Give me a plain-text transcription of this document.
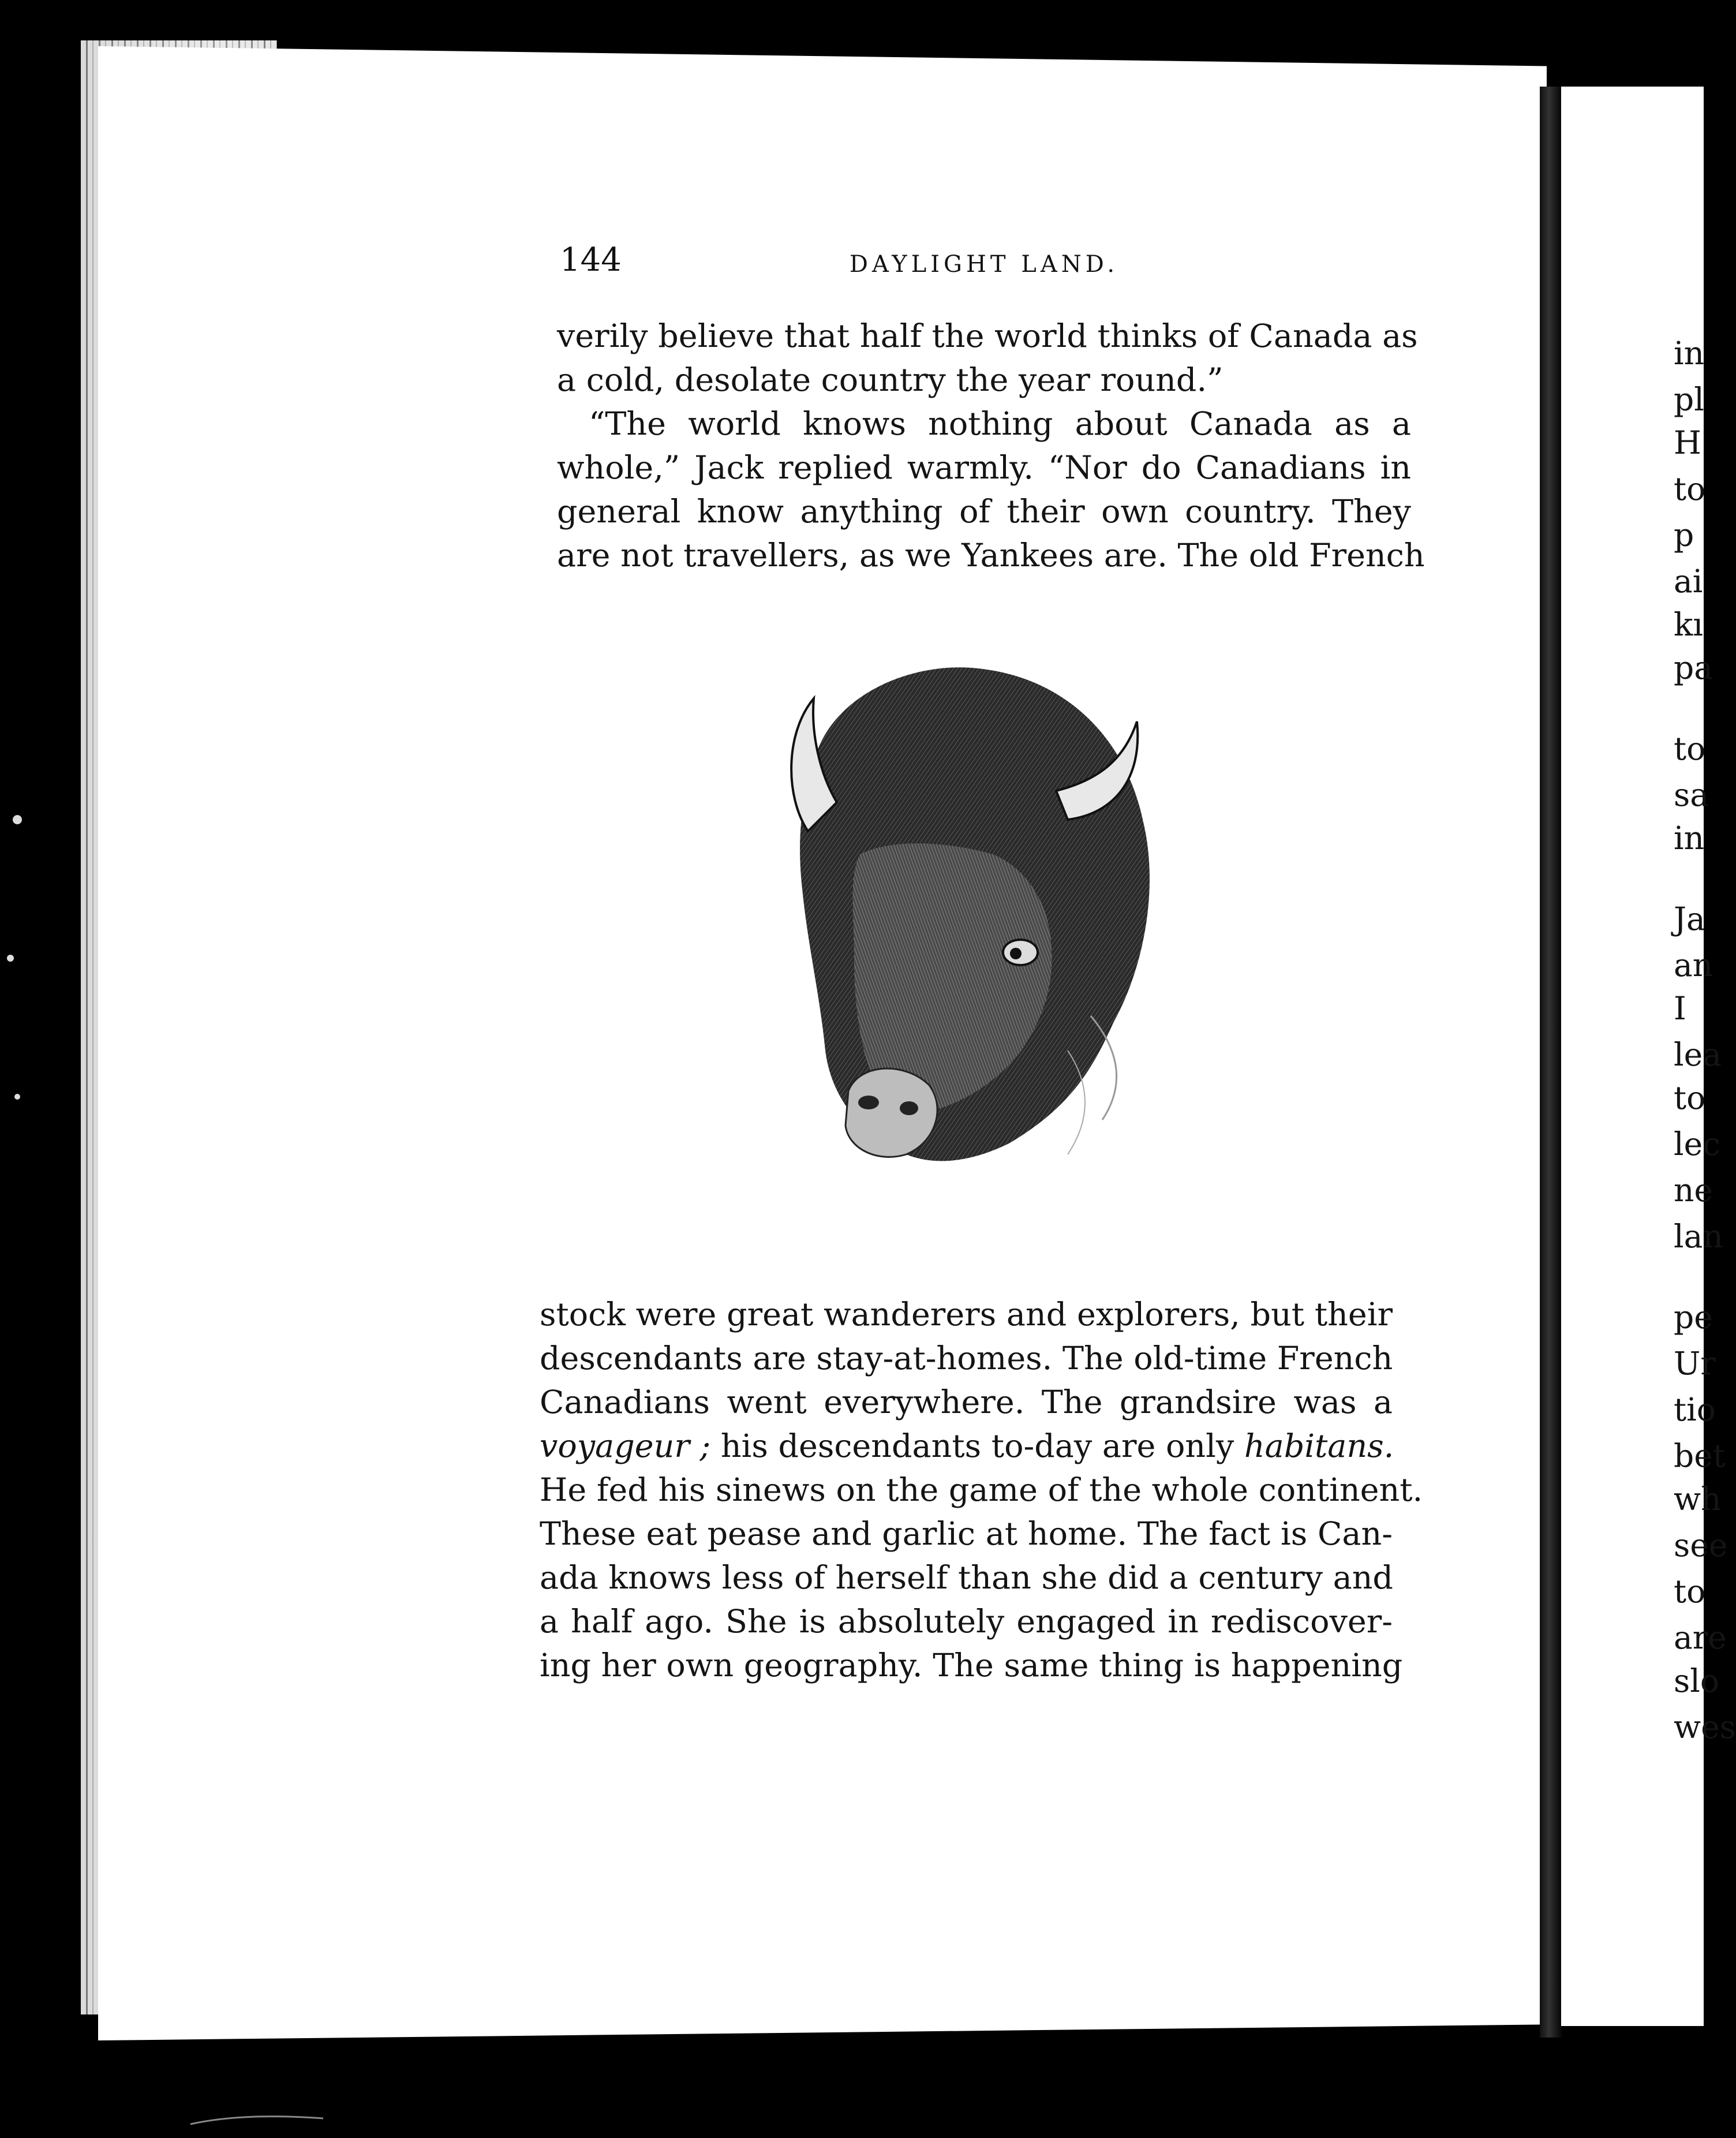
144	DAYLIGHT LAND.
verily believe that half the world thinks of Canada as
a cold, desolate country the year round.”
“The world knows nothing about Canada as a
whole,” Jack replied warmly. “Nor do Canadians in
general know anything of their own country. They
are not travellers, as we Yankees are. The old French
stock were great wanderers and explorers, but their
descendants are stay-at-homes. The old-time French
Canadians went everywhere. The grandsire was a
voyageur ; his descendants to-day are only habitans.
He fed his sinews on the game of the whole continent.
These eat pease and garlic at home. The fact is Can-
ada knows less of herself than she did a century and
a half ago. She is absolutely engaged in rediscover-
ing her own geography. The same thing is happening
in
pl
H
to
p
ai
kı
pa
to
sa
in
Ja
an
I
lea
to
lec
ne
lan
pe
Ur
tio
bet
wh
see
to
are
slo
wes
